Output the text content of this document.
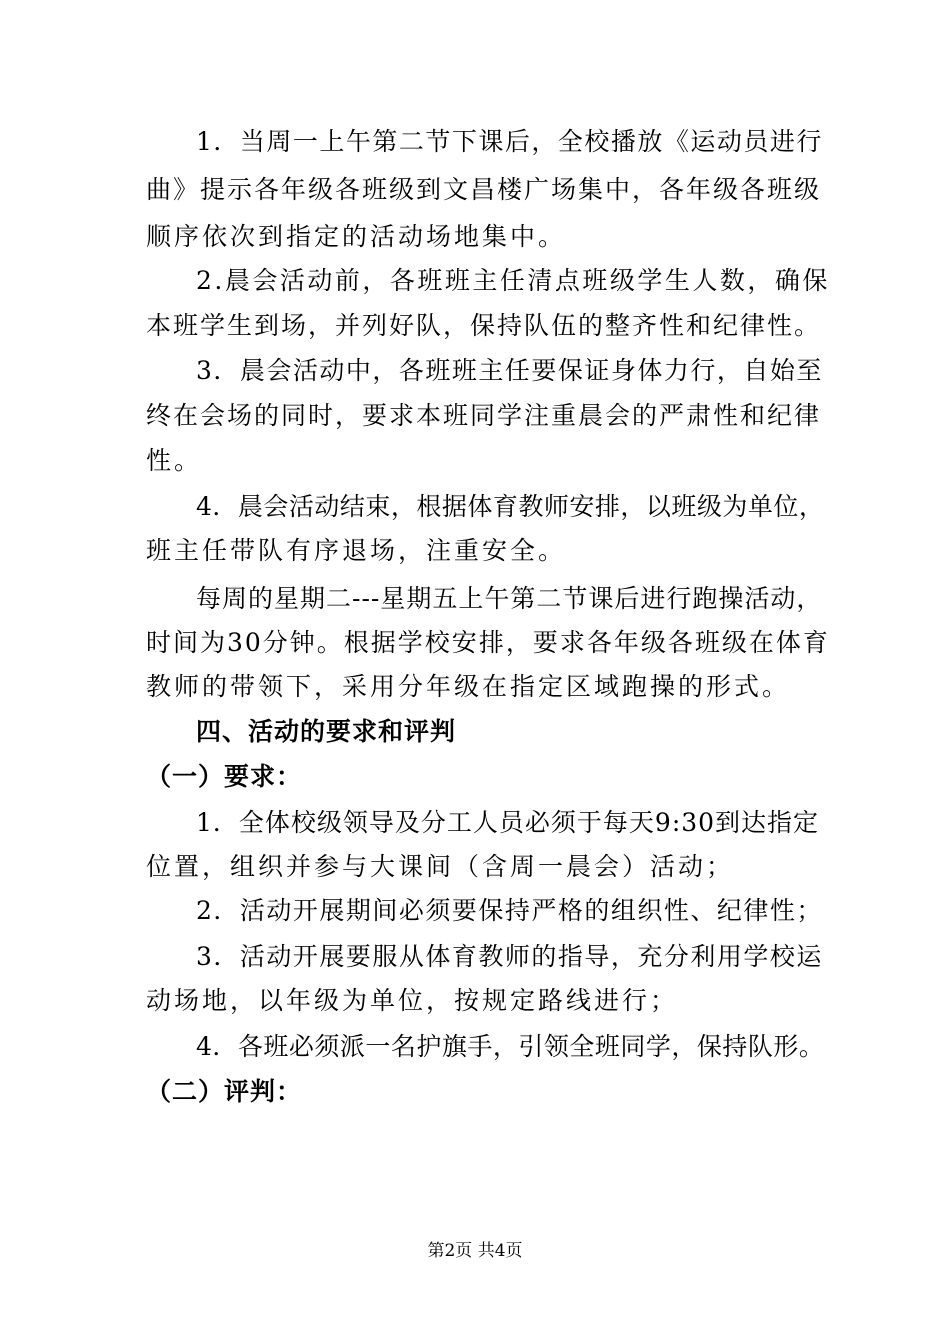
1．当周一上午第二节下课后，全校播放《运动员进行
曲》提示各年级各班级到文昌楼广场集中，各年级各班级
顺序依次到指定的活动场地集中。
2.晨会活动前，各班班主任清点班级学生人数，确保
本班学生到场，并列好队，保持队伍的整齐性和纪律性。
3．晨会活动中，各班班主任要保证身体力行，自始至
终在会场的同时，要求本班同学注重晨会的严肃性和纪律
性。
4．晨会活动结束，根据体育教师安排，以班级为单位，
班主任带队有序退场，注重安全。
每周的星期二---星期五上午第二节课后进行跑操活动，
时间为30分钟。根据学校安排，要求各年级各班级在体育
教师的带领下，采用分年级在指定区域跑操的形式。
四、活动的要求和评判
（一）要求：
1．全体校级领导及分工人员必须于每天9:30到达指定
位置，组织并参与大课间（含周一晨会）活动；
2．活动开展期间必须要保持严格的组织性、纪律性；
3．活动开展要服从体育教师的指导，充分利用学校运
动场地，以年级为单位，按规定路线进行；
4．各班必须派一名护旗手，引领全班同学，保持队形。
（二）评判：
第2页 共4页
